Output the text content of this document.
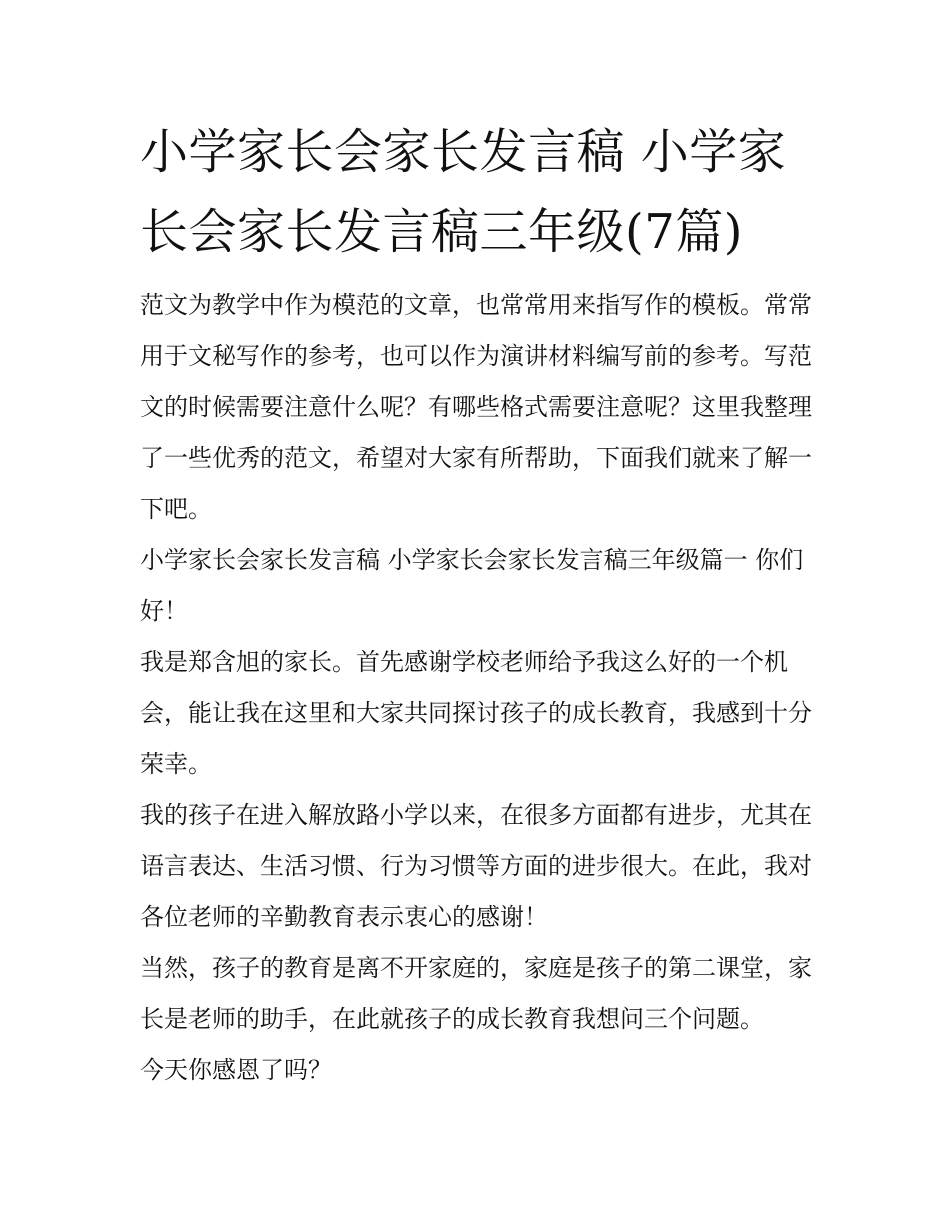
小学家长会家长发言稿 小学家长会家长发言稿三年级(7篇)

范文为教学中作为模范的文章，也常常用来指写作的模板。常常用于文秘写作的参考，也可以作为演讲材料编写前的参考。写范文的时候需要注意什么呢？有哪些格式需要注意呢？这里我整理了一些优秀的范文，希望对大家有所帮助，下面我们就来了解一下吧。

小学家长会家长发言稿 小学家长会家长发言稿三年级篇一 你们好！

我是郑含旭的家长。首先感谢学校老师给予我这么好的一个机会，能让我在这里和大家共同探讨孩子的成长教育，我感到十分荣幸。

我的孩子在进入解放路小学以来，在很多方面都有进步，尤其在语言表达、生活习惯、行为习惯等方面的进步很大。在此，我对各位老师的辛勤教育表示衷心的感谢！

当然，孩子的教育是离不开家庭的，家庭是孩子的第二课堂，家长是老师的助手，在此就孩子的成长教育我想问三个问题。

今天你感恩了吗？
